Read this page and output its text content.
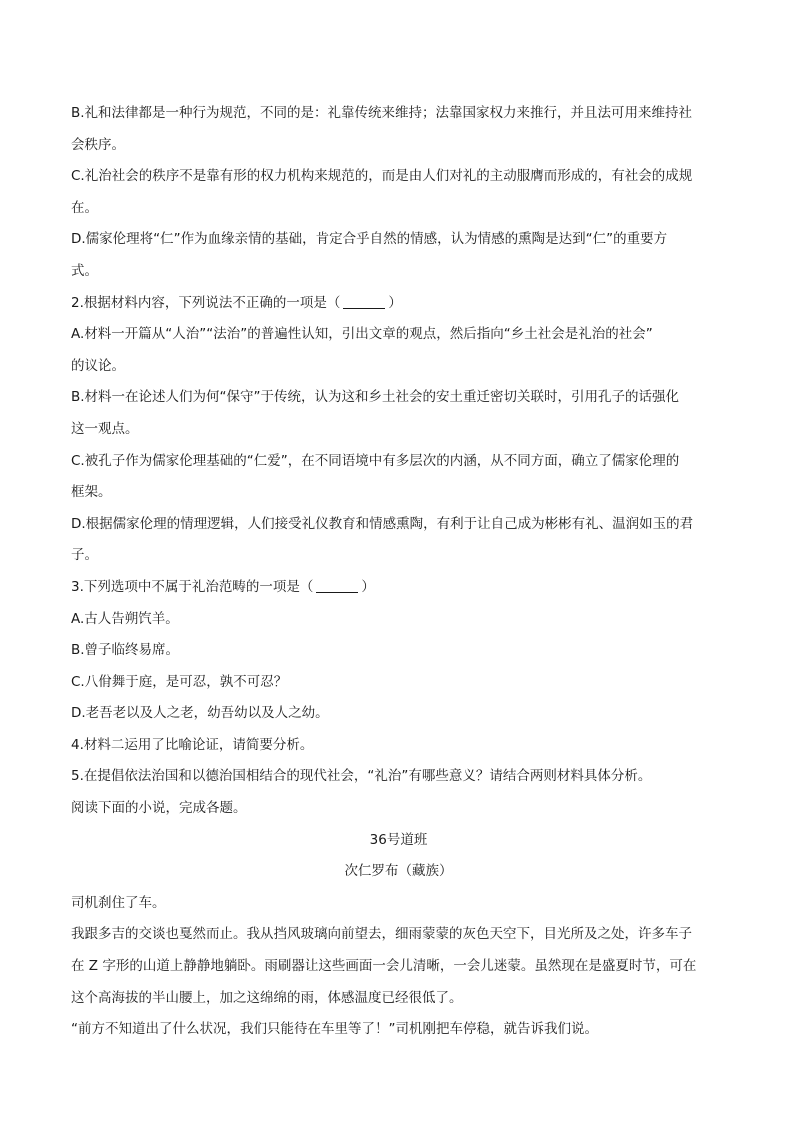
B.礼和法律都是一种行为规范，不同的是：礼靠传统来维持；法靠国家权力来推行，并且法可用来维持社
会秩序。
C.礼治社会的秩序不是靠有形的权力机构来规范的，而是由人们对礼的主动服膺而形成的，有社会的成规
在。
D.儒家伦理将“仁”作为血缘亲情的基础，肯定合乎自然的情感，认为情感的熏陶是达到“仁”的重要方
式。
2.根据材料内容，下列说法不正确的一项是（	）
A.材料一开篇从“人治”“法治”的普遍性认知，引出文章的观点，然后指向“乡土社会是礼治的社会”
的议论。
B.材料一在论述人们为何“保守”于传统，认为这和乡土社会的安土重迁密切关联时，引用孔子的话强化
这一观点。
C.被孔子作为儒家伦理基础的“仁爱”，在不同语境中有多层次的内涵，从不同方面，确立了儒家伦理的
框架。
D.根据儒家伦理的情理逻辑，人们接受礼仪教育和情感熏陶，有利于让自己成为彬彬有礼、温润如玉的君
子。
3.下列选项中不属于礼治范畴的一项是（	）
A.古人告朔饩羊。
B.曾子临终易席。
C.八佾舞于庭，是可忍，孰不可忍？
D.老吾老以及人之老，幼吾幼以及人之幼。
4.材料二运用了比喻论证，请简要分析。
5.在提倡依法治国和以德治国相结合的现代社会，“礼治”有哪些意义？请结合两则材料具体分析。
阅读下面的小说，完成各题。
36号道班
次仁罗布（藏族）
司机刹住了车。
我跟多吉的交谈也戛然而止。我从挡风玻璃向前望去，细雨蒙蒙的灰色天空下，目光所及之处，许多车子
在 Z 字形的山道上静静地躺卧。雨刷器让这些画面一会儿清晰，一会儿迷蒙。虽然现在是盛夏时节，可在
这个高海拔的半山腰上，加之这绵绵的雨，体感温度已经很低了。
“前方不知道出了什么状况，我们只能待在车里等了！”司机刚把车停稳，就告诉我们说。
